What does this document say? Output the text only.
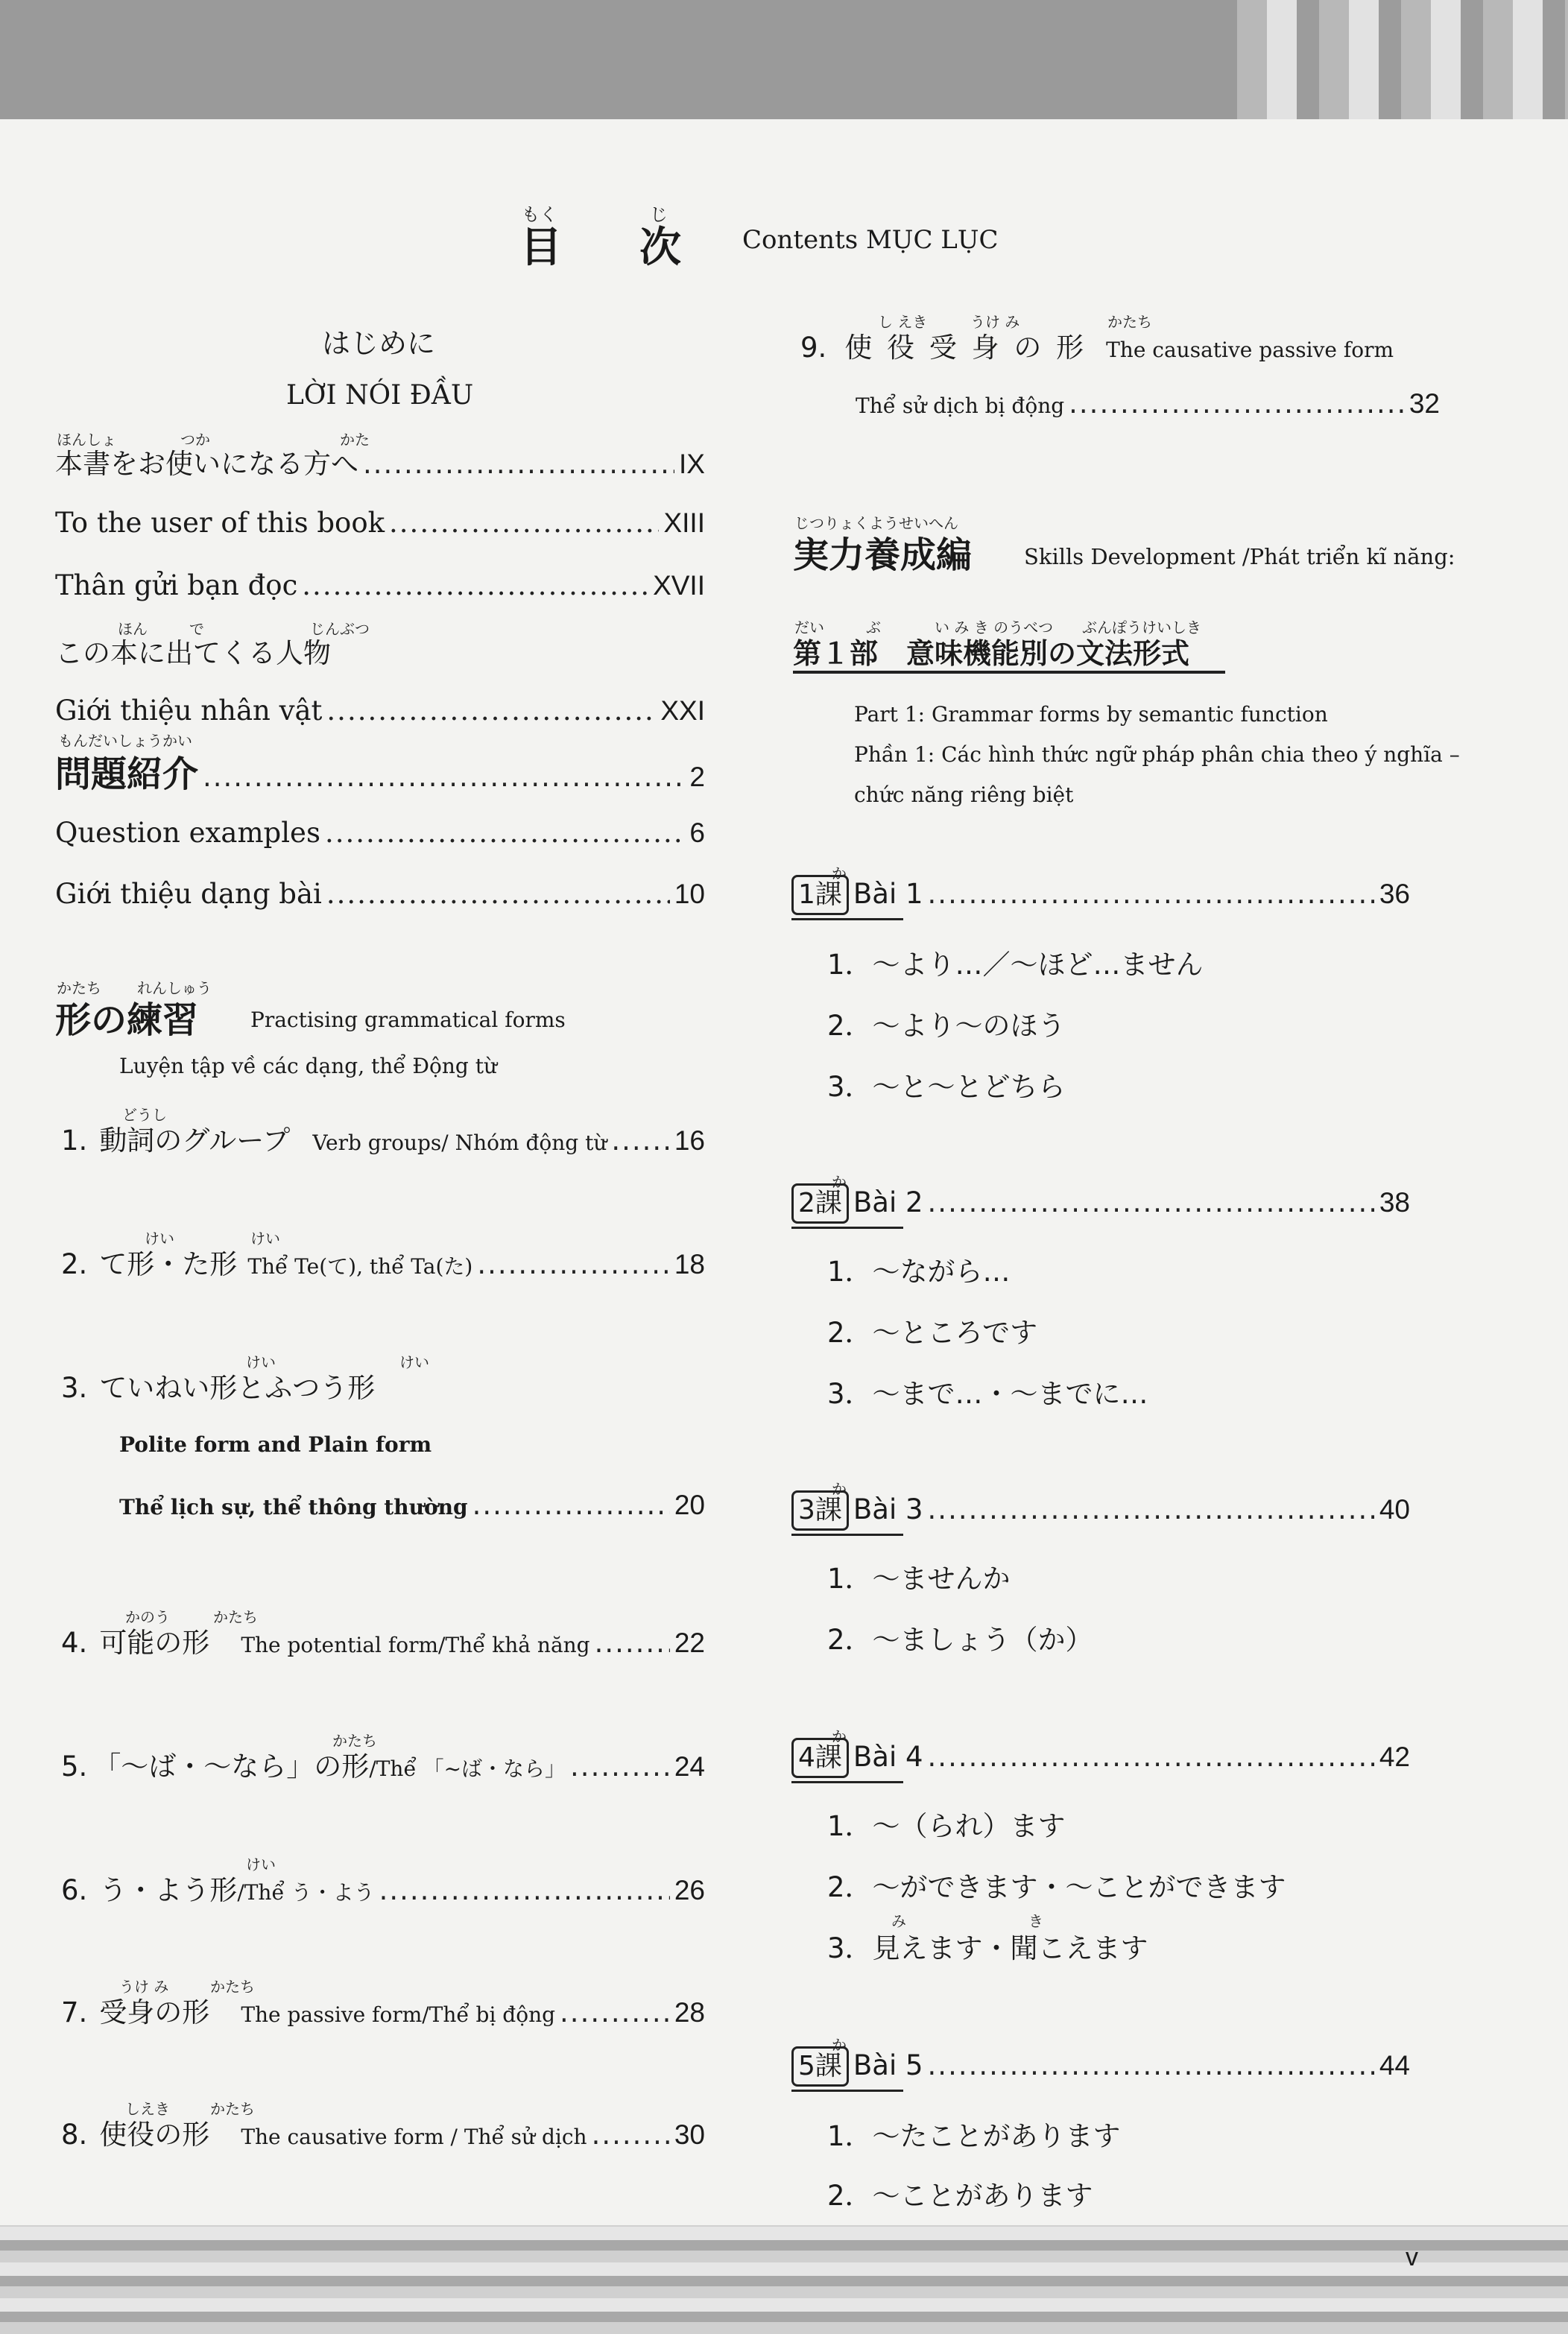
もく	じ
目 次 Contents MỤC LỤC
はじめに
LỜI NÓI ĐẦU
ほんしょ	つか	かた
本書をお使いになる方へ .....	IX
To the user of this book .....	XIII
Thân gửi bạn đọc .....	XVII
ほん	で	じんぶつ
この本に出てくる人物
Giới thiệu nhân vật .....	XXI
もんだいしょうかい
問題紹介 .....	2
Question examples .....	6
Giới thiệu dạng bài .....	10
かたち れんしゅう
形の練習 Practising grammatical forms
Luyện tập về các dạng, thể Động từ
どうし
1. 動詞のグループ Verb groups/ Nhóm động từ ..... 16
けい	けい
2. て形・た形 Thể Te(て), thể Ta(た) .....	18
けい	けい
3. ていねい形とふつう形
Polite form and Plain form
Thể lịch sự, thể thông thường .....	20
かのう	かたち
4. 可能の形 The potential form/Thể khả năng .....	22
かたち
5. 「～ば・～なら」の形 /Thể 「~ば・なら」 .....	24
けい
6. う・よう形 /Thể う・よう .....	26
うけ み	かたち
7. 受身の形 The passive form/Thể bị động .....	28
しえき	かたち
8. 使役の形 The causative form / Thể sử dịch .....	30
し えき	うけ み	かたち
9. 使 役 受 身 の 形 The causative passive form
Thể sử dịch bị động .....	32
じつりょくようせいへん
実力養成編 Skills Development /Phát triển kĩ năng:
だい	ぶ	い み き のうべつ ぶんぽうけいしき
第１部　意味機能別の文法形式
Part 1: Grammar forms by semantic function
Phần 1: Các hình thức ngữ pháp phân chia theo ý nghĩa –
chức năng riêng biệt
か
1課 Bài 1 .....	36
1．～より…／～ほど…ません
2．～より～のほう
3．～と～とどちら
か
2課 Bài 2 .....	38
1．～ながら…
2．～ところです
3．～まで…・～までに…
か
3課 Bài 3 .....	40
1．～ませんか
2．～ましょう（か）
か
4課 Bài 4 .....	42
1．～（られ）ます
2．～ができます・～ことができます
み	き
3．見えます・聞こえます
か
5課 Bài 5 .....	44
1．～たことがあります
2．～ことがあります
v
